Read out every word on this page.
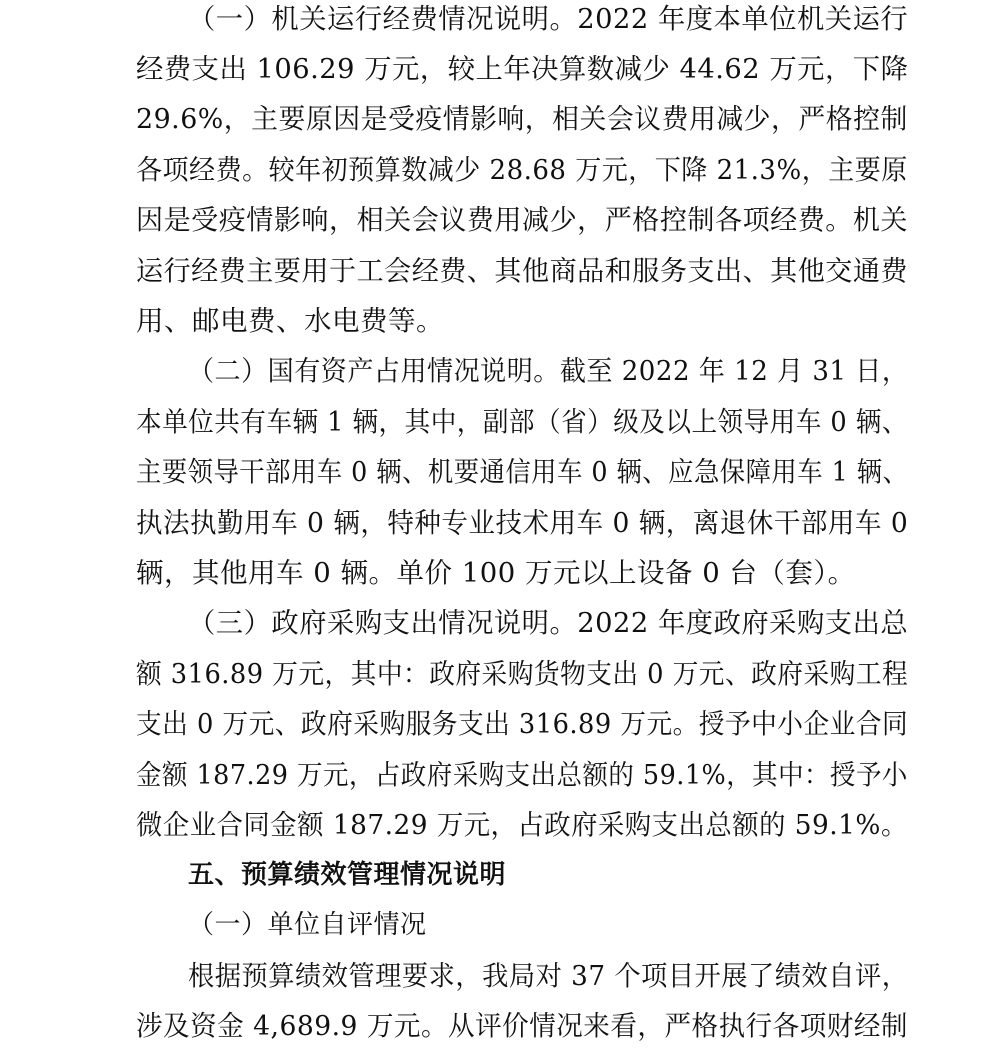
（一）机关运行经费情况说明。2022 年度本单位机关运行
经费支出 106.29 万元，较上年决算数减少 44.62 万元，下降
29.6%，主要原因是受疫情影响，相关会议费用减少，严格控制
各项经费。较年初预算数减少 28.68 万元，下降 21.3%，主要原
因是受疫情影响，相关会议费用减少，严格控制各项经费。机关
运行经费主要用于工会经费、其他商品和服务支出、其他交通费
用、邮电费、水电费等。
（二）国有资产占用情况说明。截至 2022 年 12 月 31 日，
本单位共有车辆 1 辆，其中，副部（省）级及以上领导用车 0 辆、
主要领导干部用车 0 辆、机要通信用车 0 辆、应急保障用车 1 辆、
执法执勤用车 0 辆，特种专业技术用车 0 辆，离退休干部用车 0
辆，其他用车 0 辆。单价 100 万元以上设备 0 台（套）。
（三）政府采购支出情况说明。2022 年度政府采购支出总
额 316.89 万元，其中：政府采购货物支出 0 万元、政府采购工程
支出 0 万元、政府采购服务支出 316.89 万元。授予中小企业合同
金额 187.29 万元，占政府采购支出总额的 59.1%，其中：授予小
微企业合同金额 187.29 万元，占政府采购支出总额的 59.1%。
五、预算绩效管理情况说明
（一）单位自评情况
根据预算绩效管理要求，我局对 37 个项目开展了绩效自评，
涉及资金 4,689.9 万元。从评价情况来看，严格执行各项财经制
